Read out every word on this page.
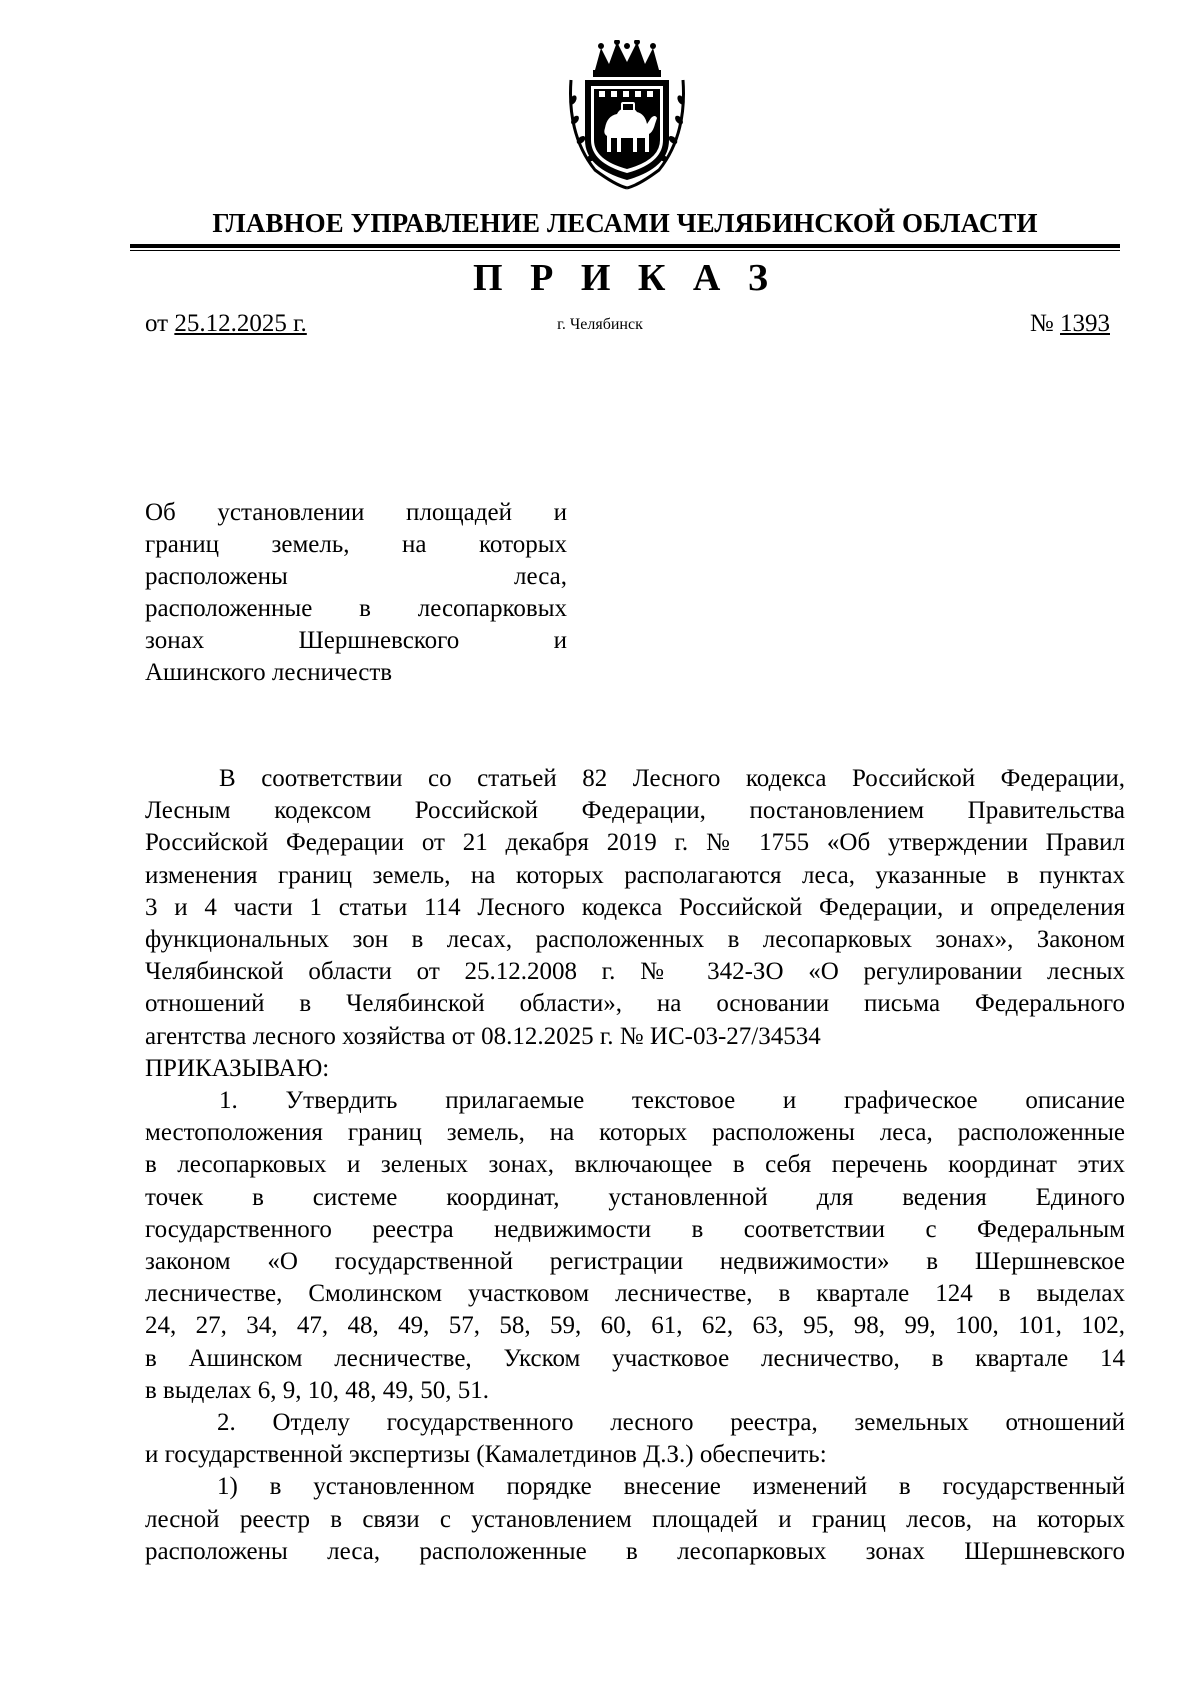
ГЛАВНОЕ УПРАВЛЕНИЕ ЛЕСАМИ ЧЕЛЯБИНСКОЙ ОБЛАСТИ
П Р И К А З
от 25.12.2025 г.	г. Челябинск	№ 1393
Об установлении площадей и
границ земель, на которых
расположены леса,
расположенные в лесопарковых
зонах Шершневского и
Ашинского лесничеств
В соответствии со статьей 82 Лесного кодекса Российской Федерации,
Лесным кодексом Российской Федерации, постановлением Правительства
Российской Федерации от 21 декабря 2019 г. № 1755 «Об утверждении Правил
изменения границ земель, на которых располагаются леса, указанные в пунктах
3 и 4 части 1 статьи 114 Лесного кодекса Российской Федерации, и определения
функциональных зон в лесах, расположенных в лесопарковых зонах», Законом
Челябинской области от 25.12.2008 г. № 342-ЗО «О регулировании лесных
отношений в Челябинской области», на основании письма Федерального
агентства лесного хозяйства от 08.12.2025 г. № ИС-03-27/34534
ПРИКАЗЫВАЮ:
1. Утвердить прилагаемые текстовое и графическое описание
местоположения границ земель, на которых расположены леса, расположенные
в лесопарковых и зеленых зонах, включающее в себя перечень координат этих
точек в системе координат, установленной для ведения Единого
государственного реестра недвижимости в соответствии с Федеральным
законом «О государственной регистрации недвижимости» в Шершневское
лесничестве, Смолинском участковом лесничестве, в квартале 124 в выделах
24, 27, 34, 47, 48, 49, 57, 58, 59, 60, 61, 62, 63, 95, 98, 99, 100, 101, 102,
в Ашинском лесничестве, Укском участковое лесничество, в квартале 14
в выделах 6, 9, 10, 48, 49, 50, 51.
2. Отделу государственного лесного реестра, земельных отношений
и государственной экспертизы (Камалетдинов Д.З.) обеспечить:
1) в установленном порядке внесение изменений в государственный
лесной реестр в связи с установлением площадей и границ лесов, на которых
расположены леса, расположенные в лесопарковых зонах Шершневского
